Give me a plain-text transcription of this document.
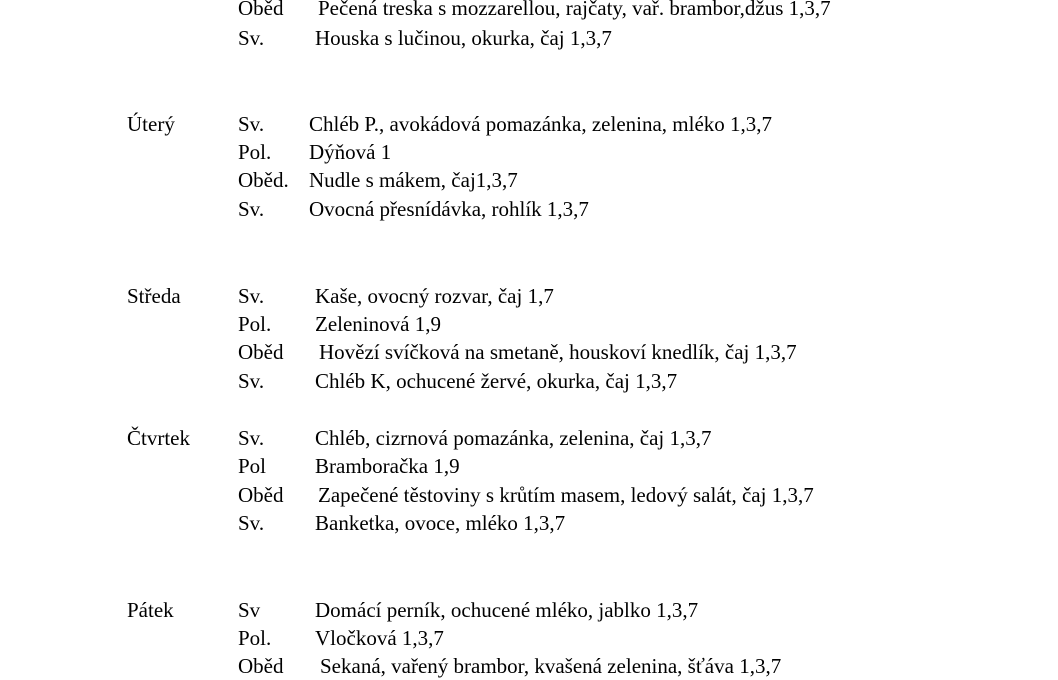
Oběd Pečená treska s mozzarellou, rajčaty, vař. brambor,džus 1,3,7
Sv. Houska s lučinou, okurka, čaj 1,3,7
Úterý	Sv. Chléb P., avokádová pomazánka, zelenina, mléko 1,3,7
Pol. Dýňová 1
Oběd. Nudle s mákem, čaj1,3,7
Sv. Ovocná přesnídávka, rohlík 1,3,7
Středa	Sv. Kaše, ovocný rozvar, čaj 1,7
Pol. Zeleninová 1,9
Oběd Hovězí svíčková na smetaně, houskoví knedlík, čaj 1,3,7
Sv. Chléb K, ochucené žervé, okurka, čaj 1,3,7
Čtvrtek Sv. Chléb, cizrnová pomazánka, zelenina, čaj 1,3,7
Pol Bramboračka 1,9
Oběd Zapečené těstoviny s krůtím masem, ledový salát, čaj 1,3,7
Sv. Banketka, ovoce, mléko 1,3,7
Pátek	Sv	Domácí perník, ochucené mléko, jablko 1,3,7
Pol. Vločková 1,3,7
Oběd Sekaná, vařený brambor, kvašená zelenina, šťáva 1,3,7
